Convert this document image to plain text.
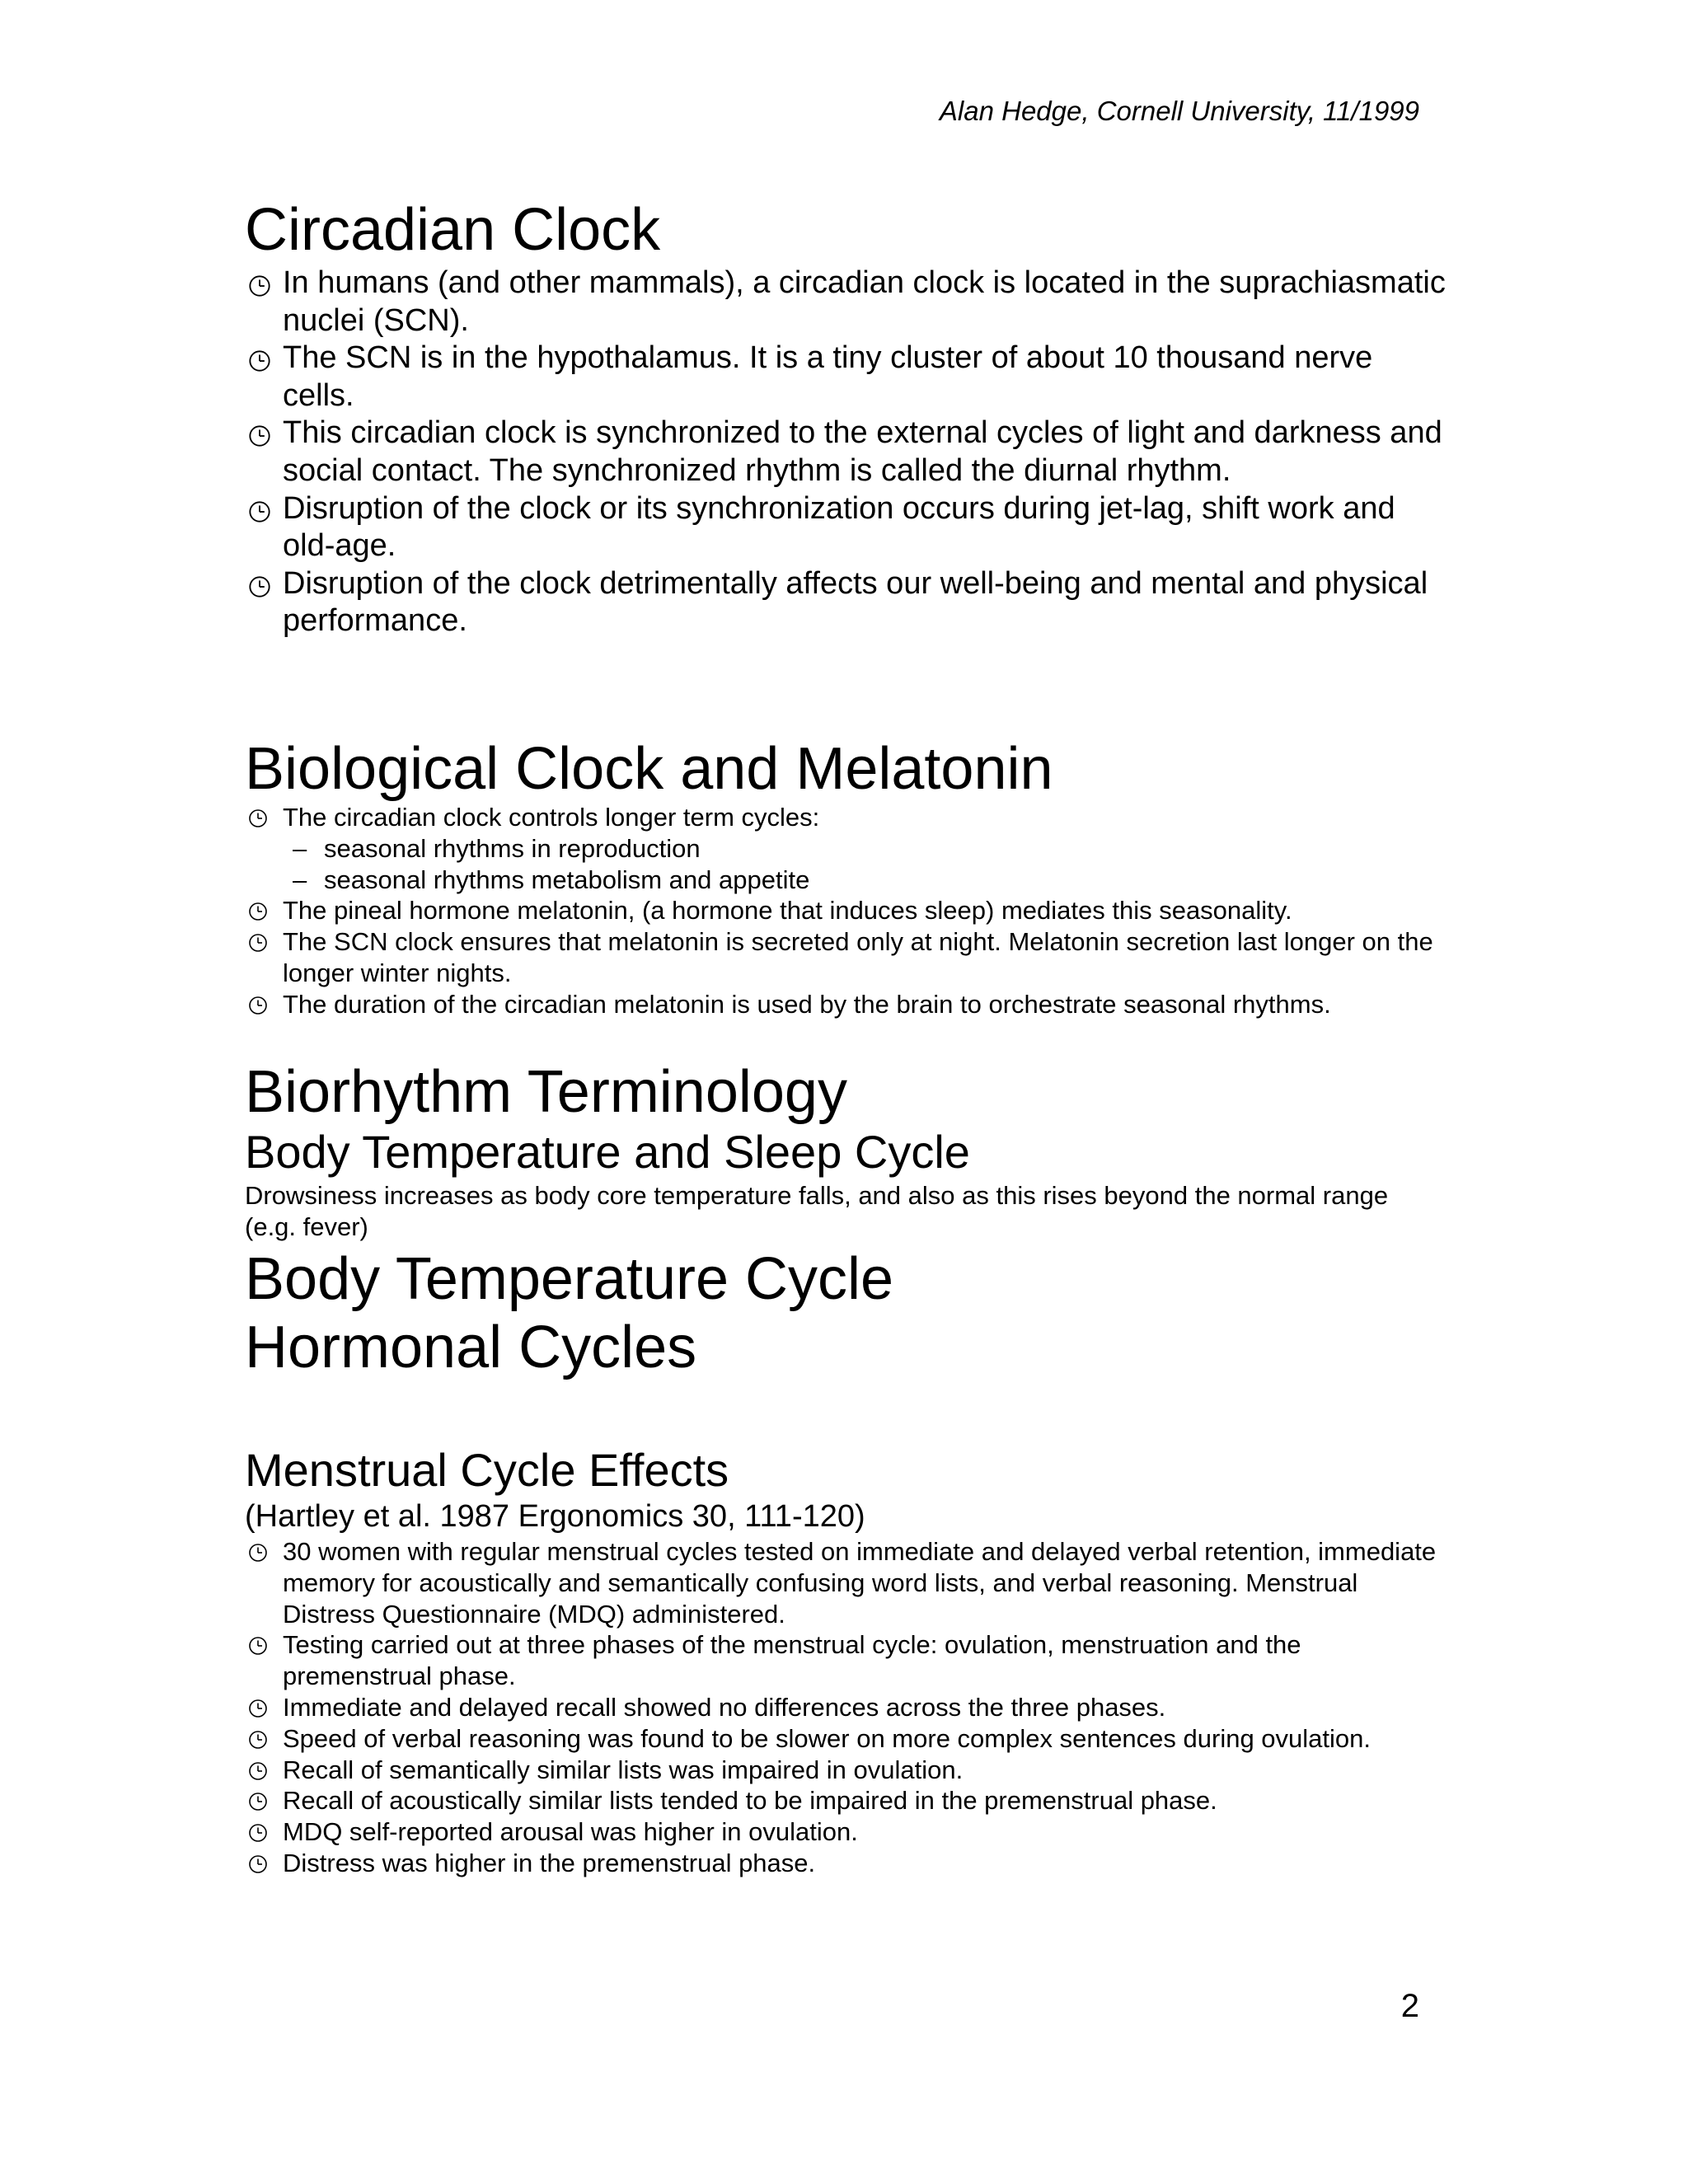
Alan Hedge, Cornell University, 11/1999
Circadian Clock
In humans (and other mammals), a circadian clock is located in the suprachiasmatic nuclei (SCN).
The SCN is in the hypothalamus. It is a tiny cluster of about 10 thousand nerve cells.
This circadian clock is synchronized to the external cycles of light and darkness and social contact. The synchronized rhythm is called the diurnal rhythm.
Disruption of the clock or its synchronization occurs during jet-lag, shift work and old-age.
Disruption of the clock detrimentally affects our well-being and mental and physical performance.
Biological Clock and Melatonin
The circadian clock controls longer term cycles:
– seasonal rhythms in reproduction
– seasonal rhythms metabolism and appetite
The pineal hormone melatonin, (a hormone that induces sleep) mediates this seasonality.
The SCN clock ensures that melatonin is secreted only at night. Melatonin secretion last longer on the longer winter nights.
The duration of the circadian melatonin is used by the brain to orchestrate seasonal rhythms.
Biorhythm Terminology
Body Temperature and Sleep Cycle

Drowsiness increases as body core temperature falls, and also as this rises beyond the normal range (e.g. fever)

Body Temperature Cycle
Hormonal Cycles
Menstrual Cycle Effects
(Hartley et al. 1987 Ergonomics 30, 111-120)
30 women with regular menstrual cycles tested on immediate and delayed verbal retention, immediate memory for acoustically and semantically confusing word lists, and verbal reasoning. Menstrual Distress Questionnaire (MDQ) administered.
Testing carried out at three phases of the menstrual cycle: ovulation, menstruation and the premenstrual phase.
Immediate and delayed recall showed no differences across the three phases.
Speed of verbal reasoning was found to be slower on more complex sentences during ovulation.
Recall of semantically similar lists was impaired in ovulation.
Recall of acoustically similar lists tended to be impaired in the premenstrual phase.
MDQ self-reported arousal was higher in ovulation.
Distress was higher in the premenstrual phase.
2
